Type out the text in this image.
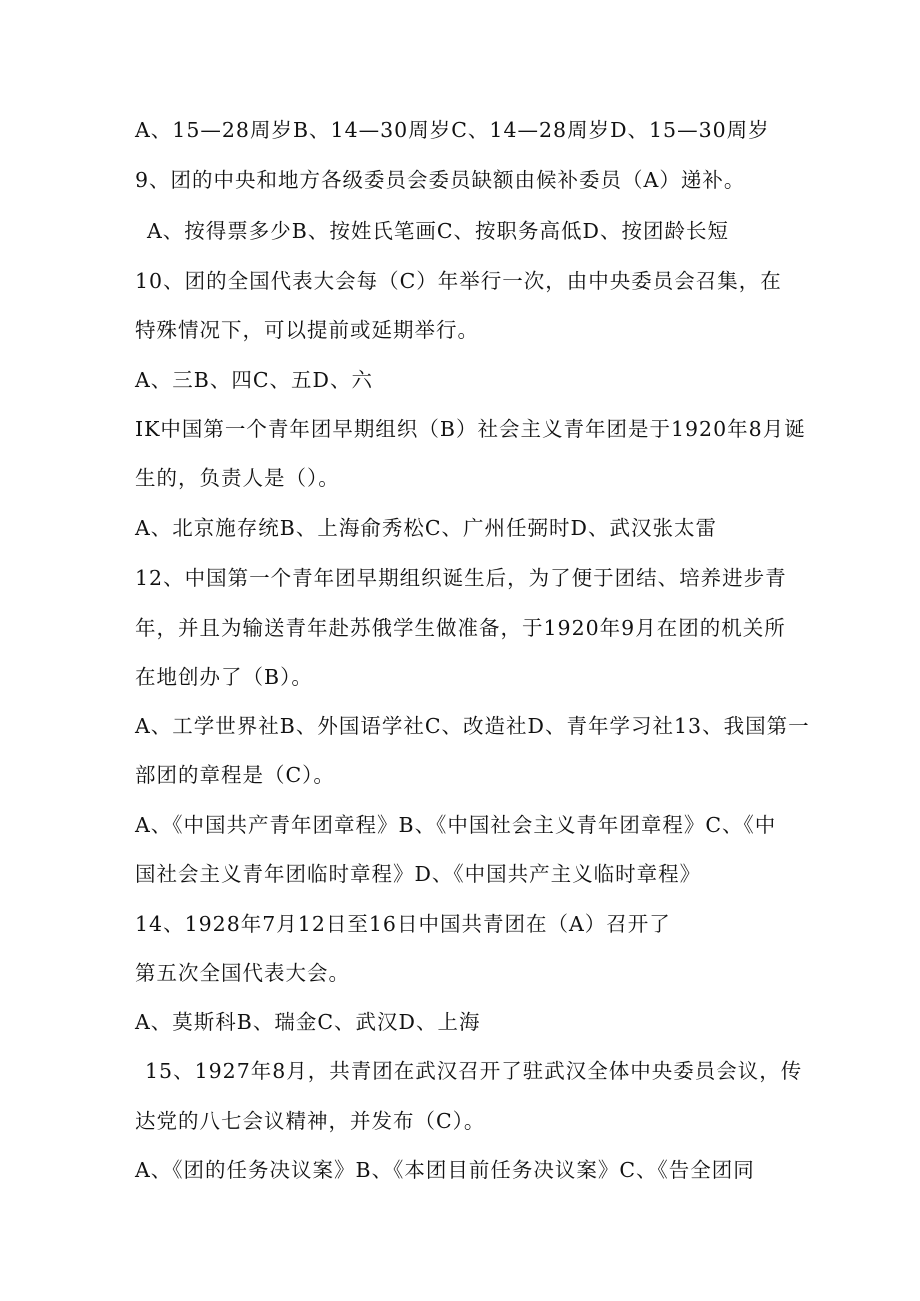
A、15—28周岁B、14—30周岁C、14—28周岁D、15—30周岁

9、团的中央和地方各级委员会委员缺额由候补委员（A）递补。

A、按得票多少B、按姓氏笔画C、按职务高低D、按团龄长短

10、团的全国代表大会每（C）年举行一次，由中央委员会召集，在

特殊情况下，可以提前或延期举行。

A、三B、四C、五D、六

IK中国第一个青年团早期组织（B）社会主义青年团是于1920年8月诞

生的，负责人是（）。

A、北京施存统B、上海俞秀松C、广州任弼时D、武汉张太雷

12、中国第一个青年团早期组织诞生后，为了便于团结、培养进步青

年，并且为输送青年赴苏俄学生做准备，于1920年9月在团的机关所

在地创办了（B）。

A、工学世界社B、外国语学社C、改造社D、青年学习社13、我国第一

部团的章程是（C）。

A、《中国共产青年团章程》B、《中国社会主义青年团章程》C、《中

国社会主义青年团临时章程》D、《中国共产主义临时章程》

14、1928年7月12日至16日中国共青团在（A）召开了

第五次全国代表大会。

A、莫斯科B、瑞金C、武汉D、上海

15、1927年8月，共青团在武汉召开了驻武汉全体中央委员会议，传

达党的八七会议精神，并发布（C）。

A、《团的任务决议案》B、《本团目前任务决议案》C、《告全团同
